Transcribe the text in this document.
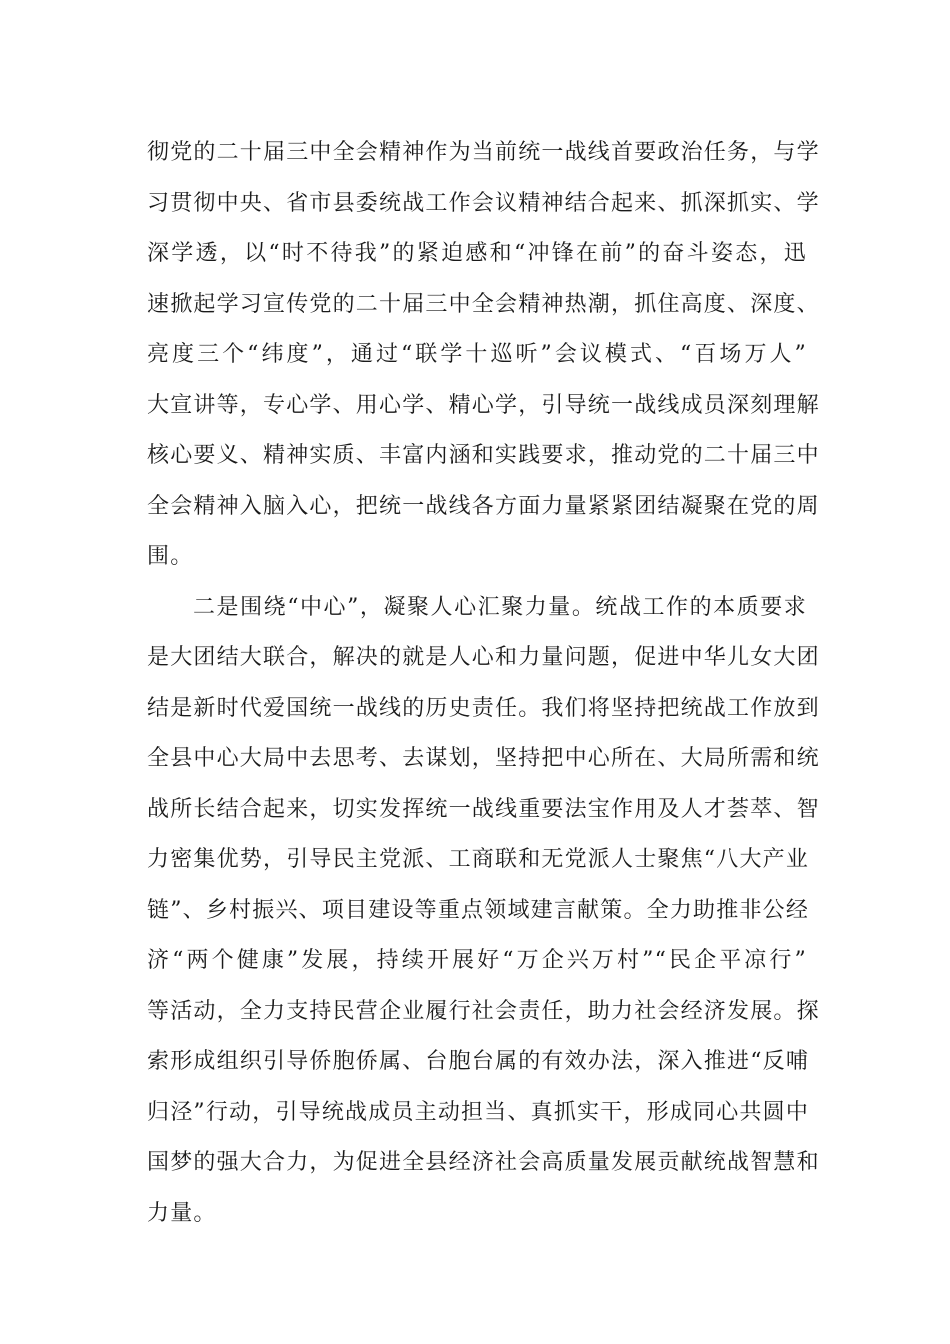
彻党的二十届三中全会精神作为当前统一战线首要政治任务，与学
习贯彻中央、省市县委统战工作会议精神结合起来、抓深抓实、学
深学透，以“时不待我”的紧迫感和“冲锋在前”的奋斗姿态，迅
速掀起学习宣传党的二十届三中全会精神热潮，抓住高度、深度、
亮度三个“纬度”，通过“联学十巡听”会议模式、“百场万人”
大宣讲等，专心学、用心学、精心学，引导统一战线成员深刻理解
核心要义、精神实质、丰富内涵和实践要求，推动党的二十届三中
全会精神入脑入心，把统一战线各方面力量紧紧团结凝聚在党的周
围。
二是围绕“中心”，凝聚人心汇聚力量。统战工作的本质要求
是大团结大联合，解决的就是人心和力量问题，促进中华儿女大团
结是新时代爱国统一战线的历史责任。我们将坚持把统战工作放到
全县中心大局中去思考、去谋划，坚持把中心所在、大局所需和统
战所长结合起来，切实发挥统一战线重要法宝作用及人才荟萃、智
力密集优势，引导民主党派、工商联和无党派人士聚焦“八大产业
链”、乡村振兴、项目建设等重点领域建言献策。全力助推非公经
济“两个健康”发展，持续开展好“万企兴万村”“民企平凉行”
等活动，全力支持民营企业履行社会责任，助力社会经济发展。探
索形成组织引导侨胞侨属、台胞台属的有效办法，深入推进“反哺
归泾”行动，引导统战成员主动担当、真抓实干，形成同心共圆中
国梦的强大合力，为促进全县经济社会高质量发展贡献统战智慧和
力量。
